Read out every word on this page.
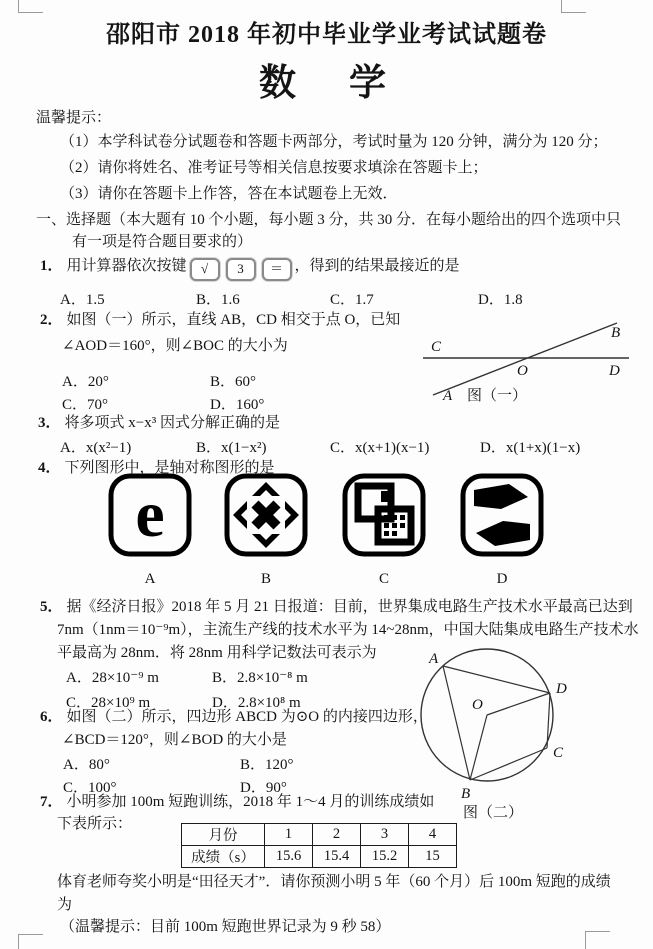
邵阳市 2018 年初中毕业学业考试试题卷
数　学
温馨提示：
（1）本学科试卷分试题卷和答题卡两部分，考试时量为 120 分钟，满分为 120 分；
（2）请你将姓名、准考证号等相关信息按要求填涂在答题卡上；
（3）请你在答题卡上作答，答在本试题卷上无效．
一、选择题（本大题有 10 个小题，每小题 3 分，共 30 分．在每小题给出的四个选项中只
有一项是符合题目要求的）
1． 用计算器依次按键 √ 3 ＝ ，得到的结果最接近的是
A．1.5	B．1.6	C．1.7	D．1.8
2． 如图（一）所示，直线 AB，CD 相交于点 O，已知
∠AOD＝160°，则∠BOC 的大小为
A．20°	B．60°
C．70°	D．160°
C
D
A
B
O
图（一）
3． 将多项式 x−x³ 因式分解正确的是
A．x(x²−1)	B．x(1−x²)	C．x(x+1)(x−1)	D．x(1+x)(1−x)
4． 下列图形中，是轴对称图形的是
e
A	B	C	D
5． 据《经济日报》2018 年 5 月 21 日报道：目前，世界集成电路生产技术水平最高已达到
7nm（1nm＝10⁻⁹m），主流生产线的技术水平为 14~28nm，中国大陆集成电路生产技术水
平最高为 28nm．将 28nm 用科学记数法可表示为
A．28×10⁻⁹ m	B．2.8×10⁻⁸ m
C．28×10⁹ m	D．2.8×10⁸ m
6． 如图（二）所示，四边形 ABCD 为⊙O 的内接四边形，
∠BCD＝120°，则∠BOD 的大小是
A．80°	B．120°
C．100°	D．90°
A
D
C
B
O
图（二）
7． 小明参加 100m 短跑训练，2018 年 1～4 月的训练成绩如
下表所示：
月份	1	2	3	4
成绩（s）	15.6	15.4	15.2	15
体育老师夸奖小明是“田径天才”．请你预测小明 5 年（60 个月）后 100m 短跑的成绩
为
（温馨提示：目前 100m 短跑世界记录为 9 秒 58）
